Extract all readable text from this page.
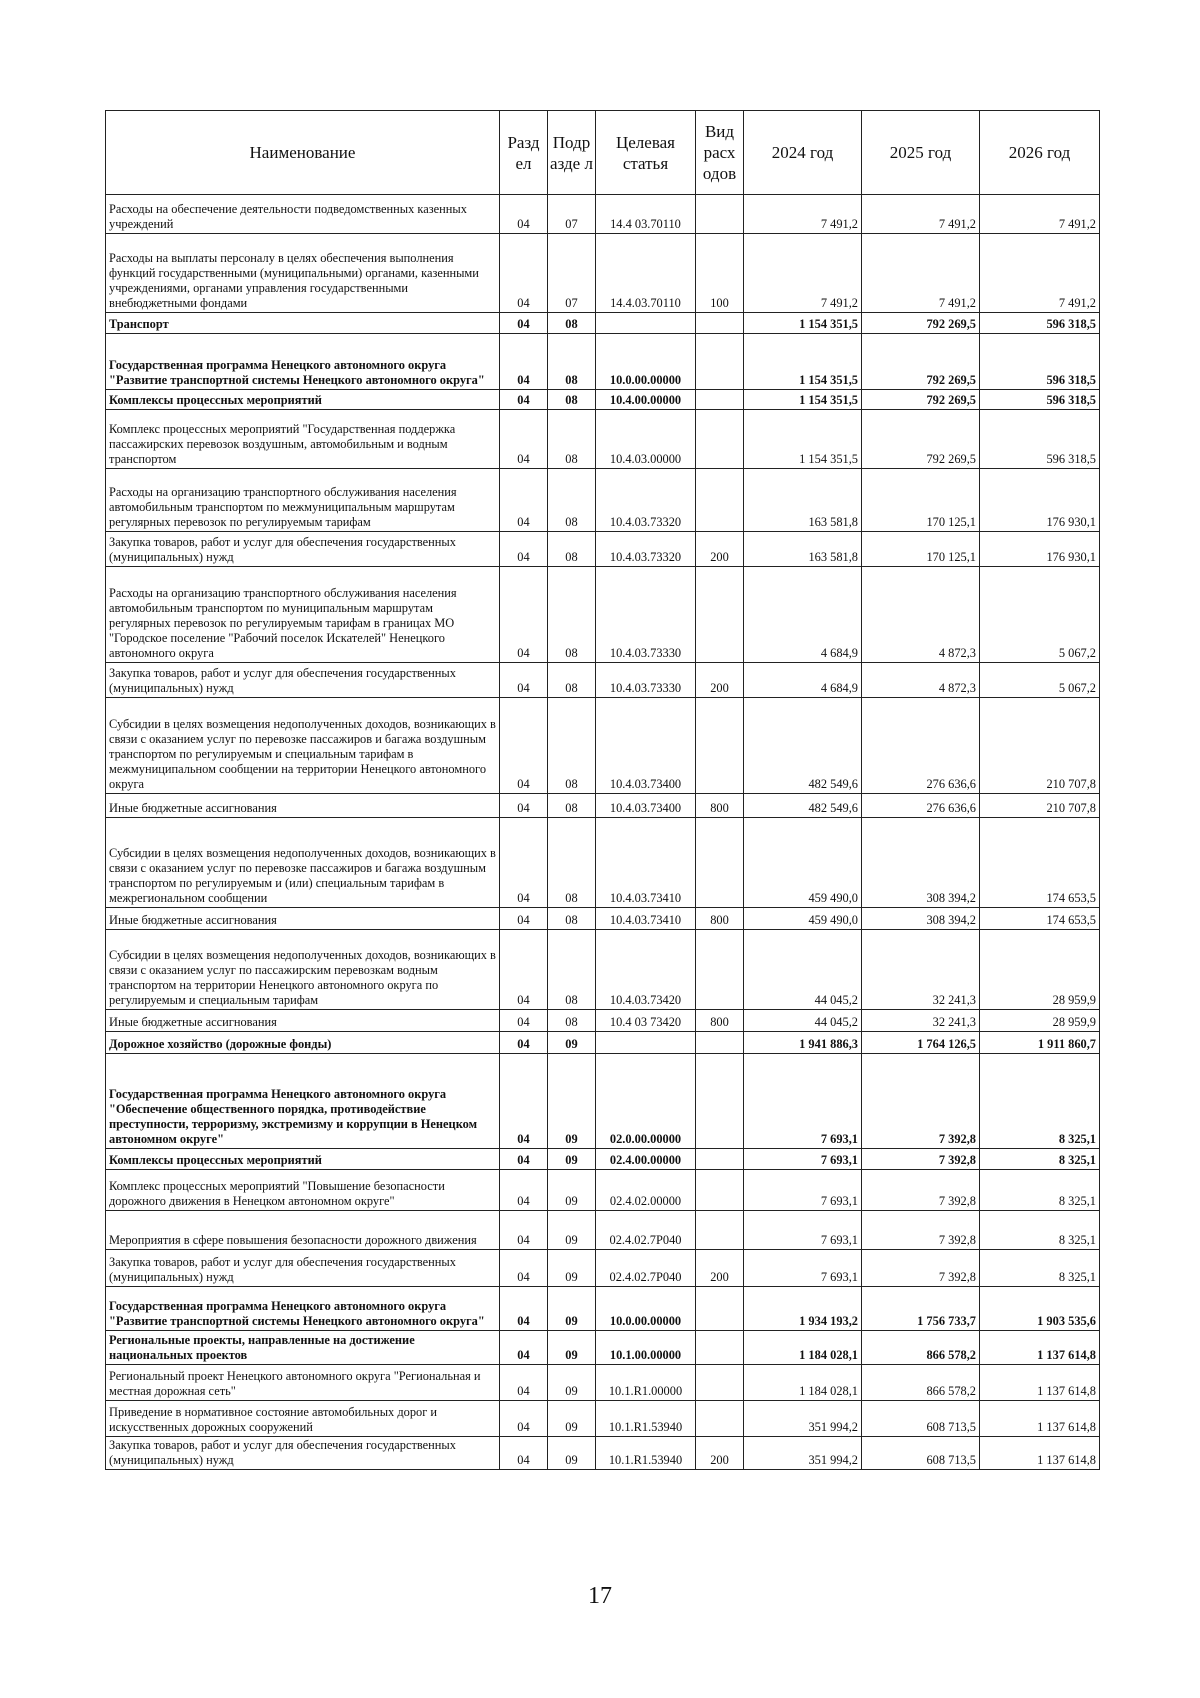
Наименование	Разд ел	Подр азде л	Целевая статья	Вид расх одов	2024 год	2025 год	2026 год
Расходы на обеспечение деятельности подведомственных казенных учреждений	04	07	14.4 03.70110		7 491,2	7 491,2	7 491,2
Расходы на выплаты персоналу в целях обеспечения выполнения функций государственными (муниципальными) органами, казенными учреждениями, органами управления государственными внебюджетными фондами	04	07	14.4.03.70110	100	7 491,2	7 491,2	7 491,2
Транспорт	04	08			1 154 351,5	792 269,5	596 318,5
Государственная программа Ненецкого автономного округа "Развитие транспортной системы Ненецкого автономного округа"	04	08	10.0.00.00000		1 154 351,5	792 269,5	596 318,5
Комплексы процессных мероприятий	04	08	10.4.00.00000		1 154 351,5	792 269,5	596 318,5
Комплекс процессных мероприятий "Государственная поддержка пассажирских перевозок воздушным, автомобильным и водным транспортом	04	08	10.4.03.00000		1 154 351,5	792 269,5	596 318,5
Расходы на организацию транспортного обслуживания населения автомобильным транспортом по межмуниципальным маршрутам регулярных перевозок по регулируемым тарифам	04	08	10.4.03.73320		163 581,8	170 125,1	176 930,1
Закупка товаров, работ и услуг для обеспечения государственных (муниципальных) нужд	04	08	10.4.03.73320	200	163 581,8	170 125,1	176 930,1
Расходы на организацию транспортного обслуживания населения автомобильным транспортом по муниципальным маршрутам регулярных перевозок по регулируемым тарифам в границах МО "Городское поселение "Рабочий поселок Искателей" Ненецкого автономного округа	04	08	10.4.03.73330		4 684,9	4 872,3	5 067,2
Закупка товаров, работ и услуг для обеспечения государственных (муниципальных) нужд	04	08	10.4.03.73330	200	4 684,9	4 872,3	5 067,2
Субсидии в целях возмещения недополученных доходов, возникающих в связи с оказанием услуг по перевозке пассажиров и багажа воздушным транспортом по регулируемым и специальным тарифам в межмуниципальном сообщении на территории Ненецкого автономного округа	04	08	10.4.03.73400		482 549,6	276 636,6	210 707,8
Иные бюджетные ассигнования	04	08	10.4.03.73400	800	482 549,6	276 636,6	210 707,8
Субсидии в целях возмещения недополученных доходов, возникающих в связи с оказанием услуг по перевозке пассажиров и багажа воздушным транспортом по регулируемым и (или) специальным тарифам в межрегиональном сообщении	04	08	10.4.03.73410		459 490,0	308 394,2	174 653,5
Иные бюджетные ассигнования	04	08	10.4.03.73410	800	459 490,0	308 394,2	174 653,5
Субсидии в целях возмещения недополученных доходов, возникающих в связи с оказанием услуг по пассажирским перевозкам водным транспортом на территории Ненецкого автономного округа по регулируемым и специальным тарифам	04	08	10.4.03.73420		44 045,2	32 241,3	28 959,9
Иные бюджетные ассигнования	04	08	10.4 03 73420	800	44 045,2	32 241,3	28 959,9
Дорожное хозяйство (дорожные фонды)	04	09			1 941 886,3	1 764 126,5	1 911 860,7
Государственная программа Ненецкого автономного округа "Обеспечение общественного порядка, противодействие преступности, терроризму, экстремизму и коррупции в Ненецком автономном округе"	04	09	02.0.00.00000		7 693,1	7 392,8	8 325,1
Комплексы процессных мероприятий	04	09	02.4.00.00000		7 693,1	7 392,8	8 325,1
Комплекс процессных мероприятий "Повышение безопасности дорожного движения в Ненецком автономном округе"	04	09	02.4.02.00000		7 693,1	7 392,8	8 325,1
Мероприятия в сфере повышения безопасности дорожного движения	04	09	02.4.02.7Р040		7 693,1	7 392,8	8 325,1
Закупка товаров, работ и услуг для обеспечения государственных (муниципальных) нужд	04	09	02.4.02.7Р040	200	7 693,1	7 392,8	8 325,1
Государственная программа Ненецкого автономного округа "Развитие транспортной системы Ненецкого автономного округа"	04	09	10.0.00.00000		1 934 193,2	1 756 733,7	1 903 535,6
Региональные проекты, направленные на достижение национальных проектов	04	09	10.1.00.00000		1 184 028,1	866 578,2	1 137 614,8
Региональный проект Ненецкого автономного округа "Региональная и местная дорожная сеть"	04	09	10.1.R1.00000		1 184 028,1	866 578,2	1 137 614,8
Приведение в нормативное состояние автомобильных дорог и искусственных дорожных сооружений	04	09	10.1.R1.53940		351 994,2	608 713,5	1 137 614,8
Закупка товаров, работ и услуг для обеспечения государственных (муниципальных) нужд	04	09	10.1.R1.53940	200	351 994,2	608 713,5	1 137 614,8
17
